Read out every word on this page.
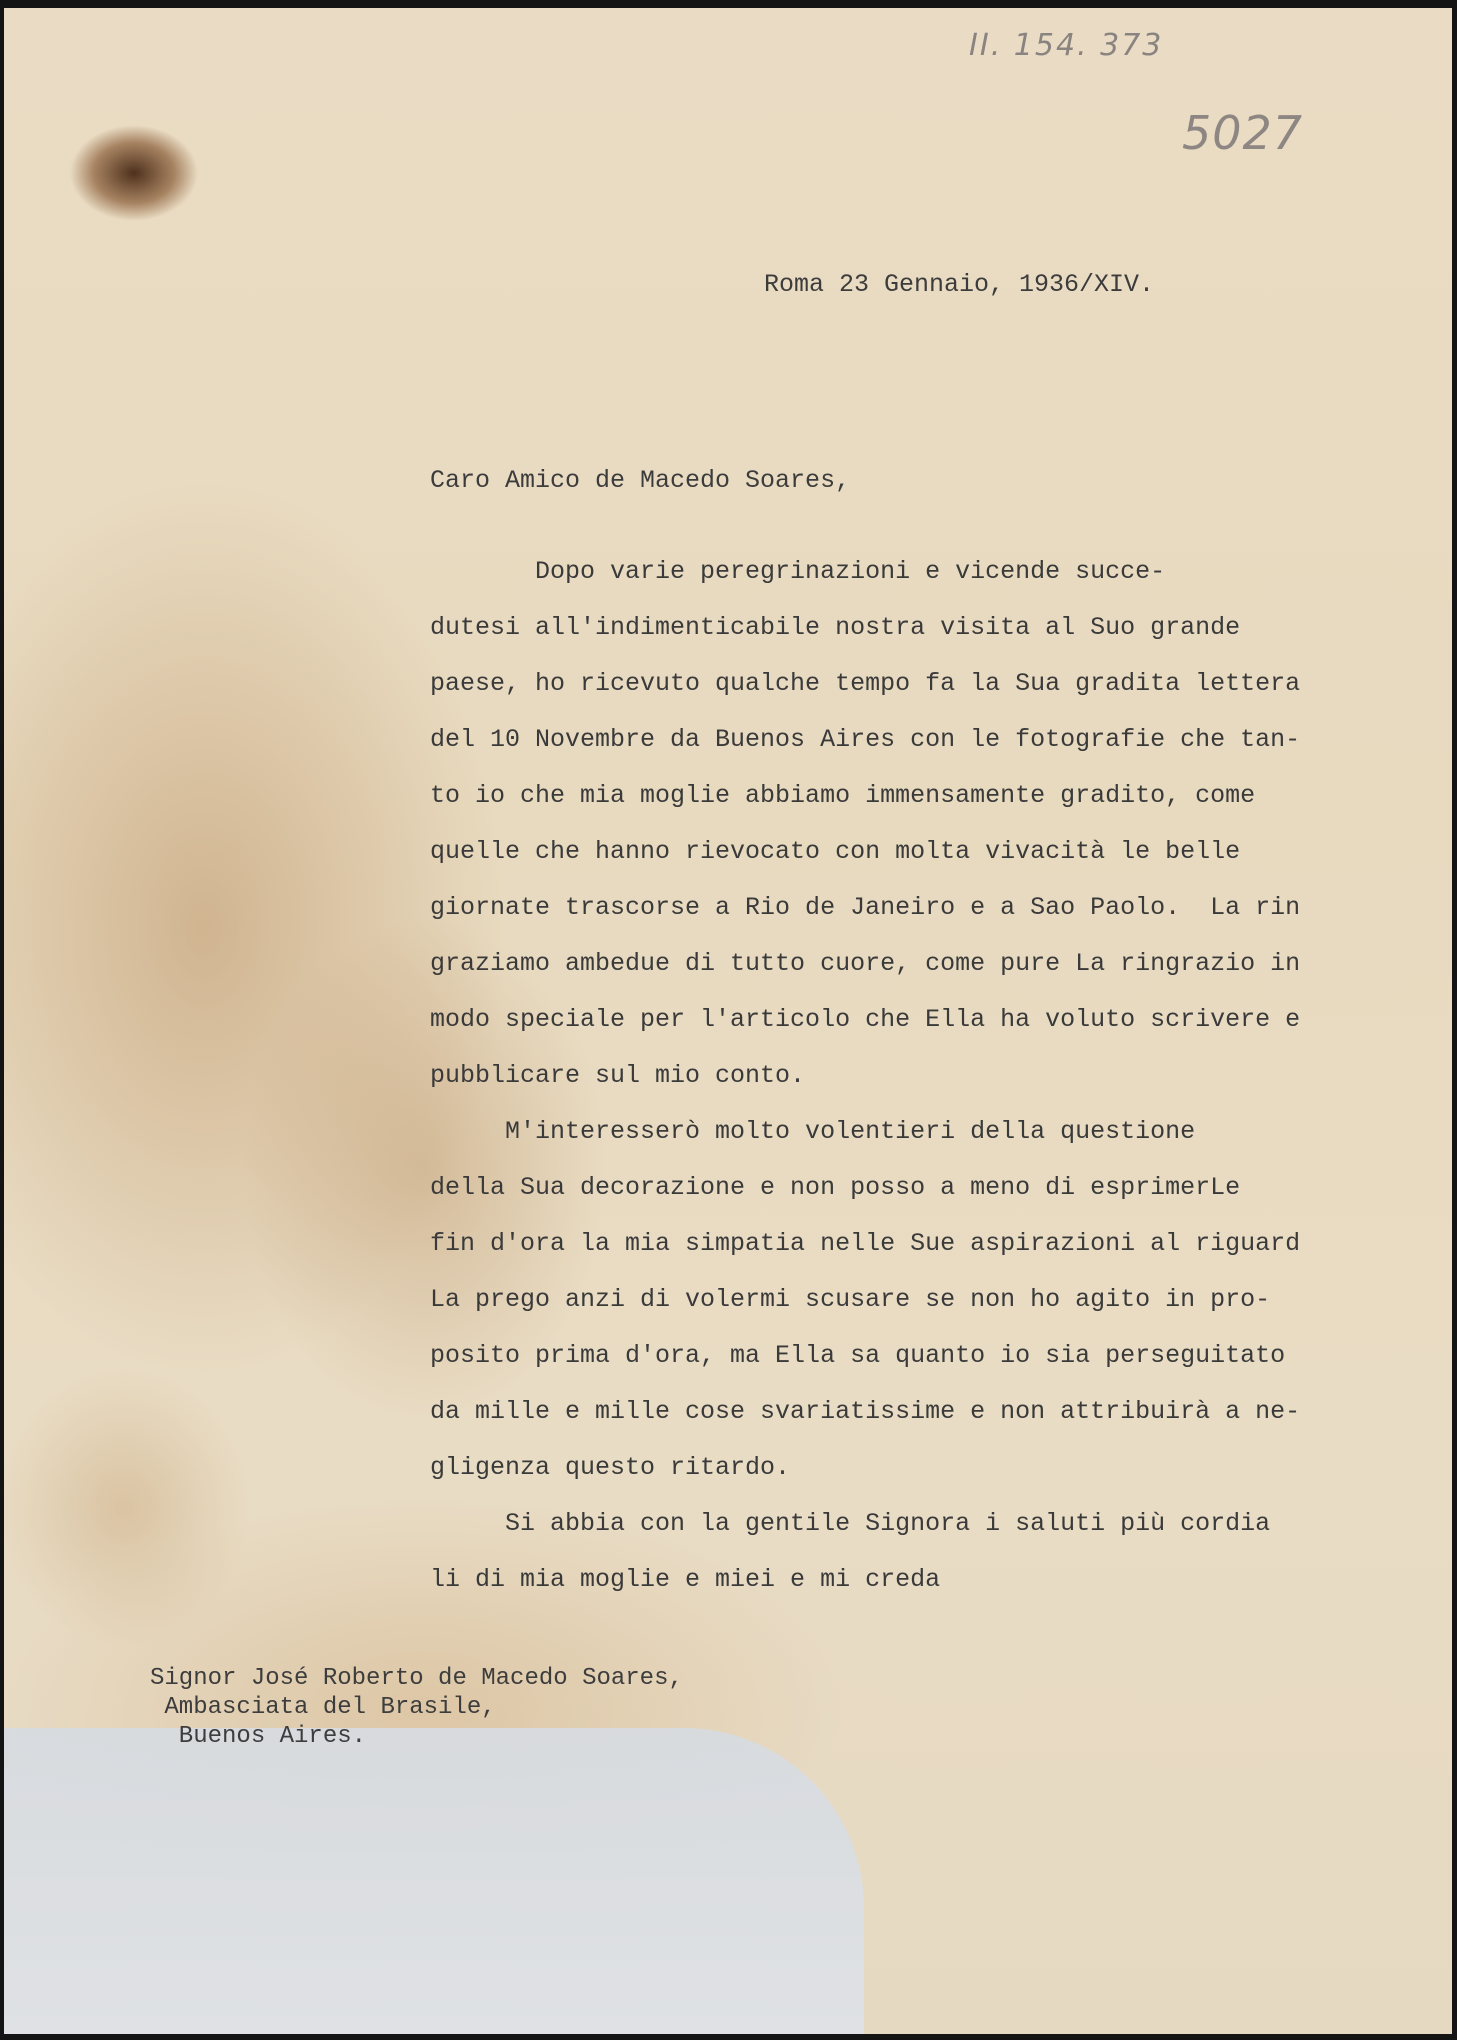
II. 154. 373
5027
Roma 23 Gennaio, 1936/XIV.
Caro Amico de Macedo Soares,
Dopo varie peregrinazioni e vicende succe-
dutesi all'indimenticabile nostra visita al Suo grande
paese, ho ricevuto qualche tempo fa la Sua gradita lettera
del 10 Novembre da Buenos Aires con le fotografie che tan-
to io che mia moglie abbiamo immensamente gradito, come
quelle che hanno rievocato con molta vivacità le belle
giornate trascorse a Rio de Janeiro e a Sao Paolo.  La rin
graziamo ambedue di tutto cuore, come pure La ringrazio in
modo speciale per l'articolo che Ella ha voluto scrivere e
pubblicare sul mio conto.
M'interesserò molto volentieri della questione
della Sua decorazione e non posso a meno di esprimerLe
fin d'ora la mia simpatia nelle Sue aspirazioni al riguard
La prego anzi di volermi scusare se non ho agito in pro-
posito prima d'ora, ma Ella sa quanto io sia perseguitato
da mille e mille cose svariatissime e non attribuirà a ne-
gligenza questo ritardo.
Si abbia con la gentile Signora i saluti più cordia
li di mia moglie e miei e mi creda
Signor José Roberto de Macedo Soares,
Ambasciata del Brasile,
Buenos Aires.
